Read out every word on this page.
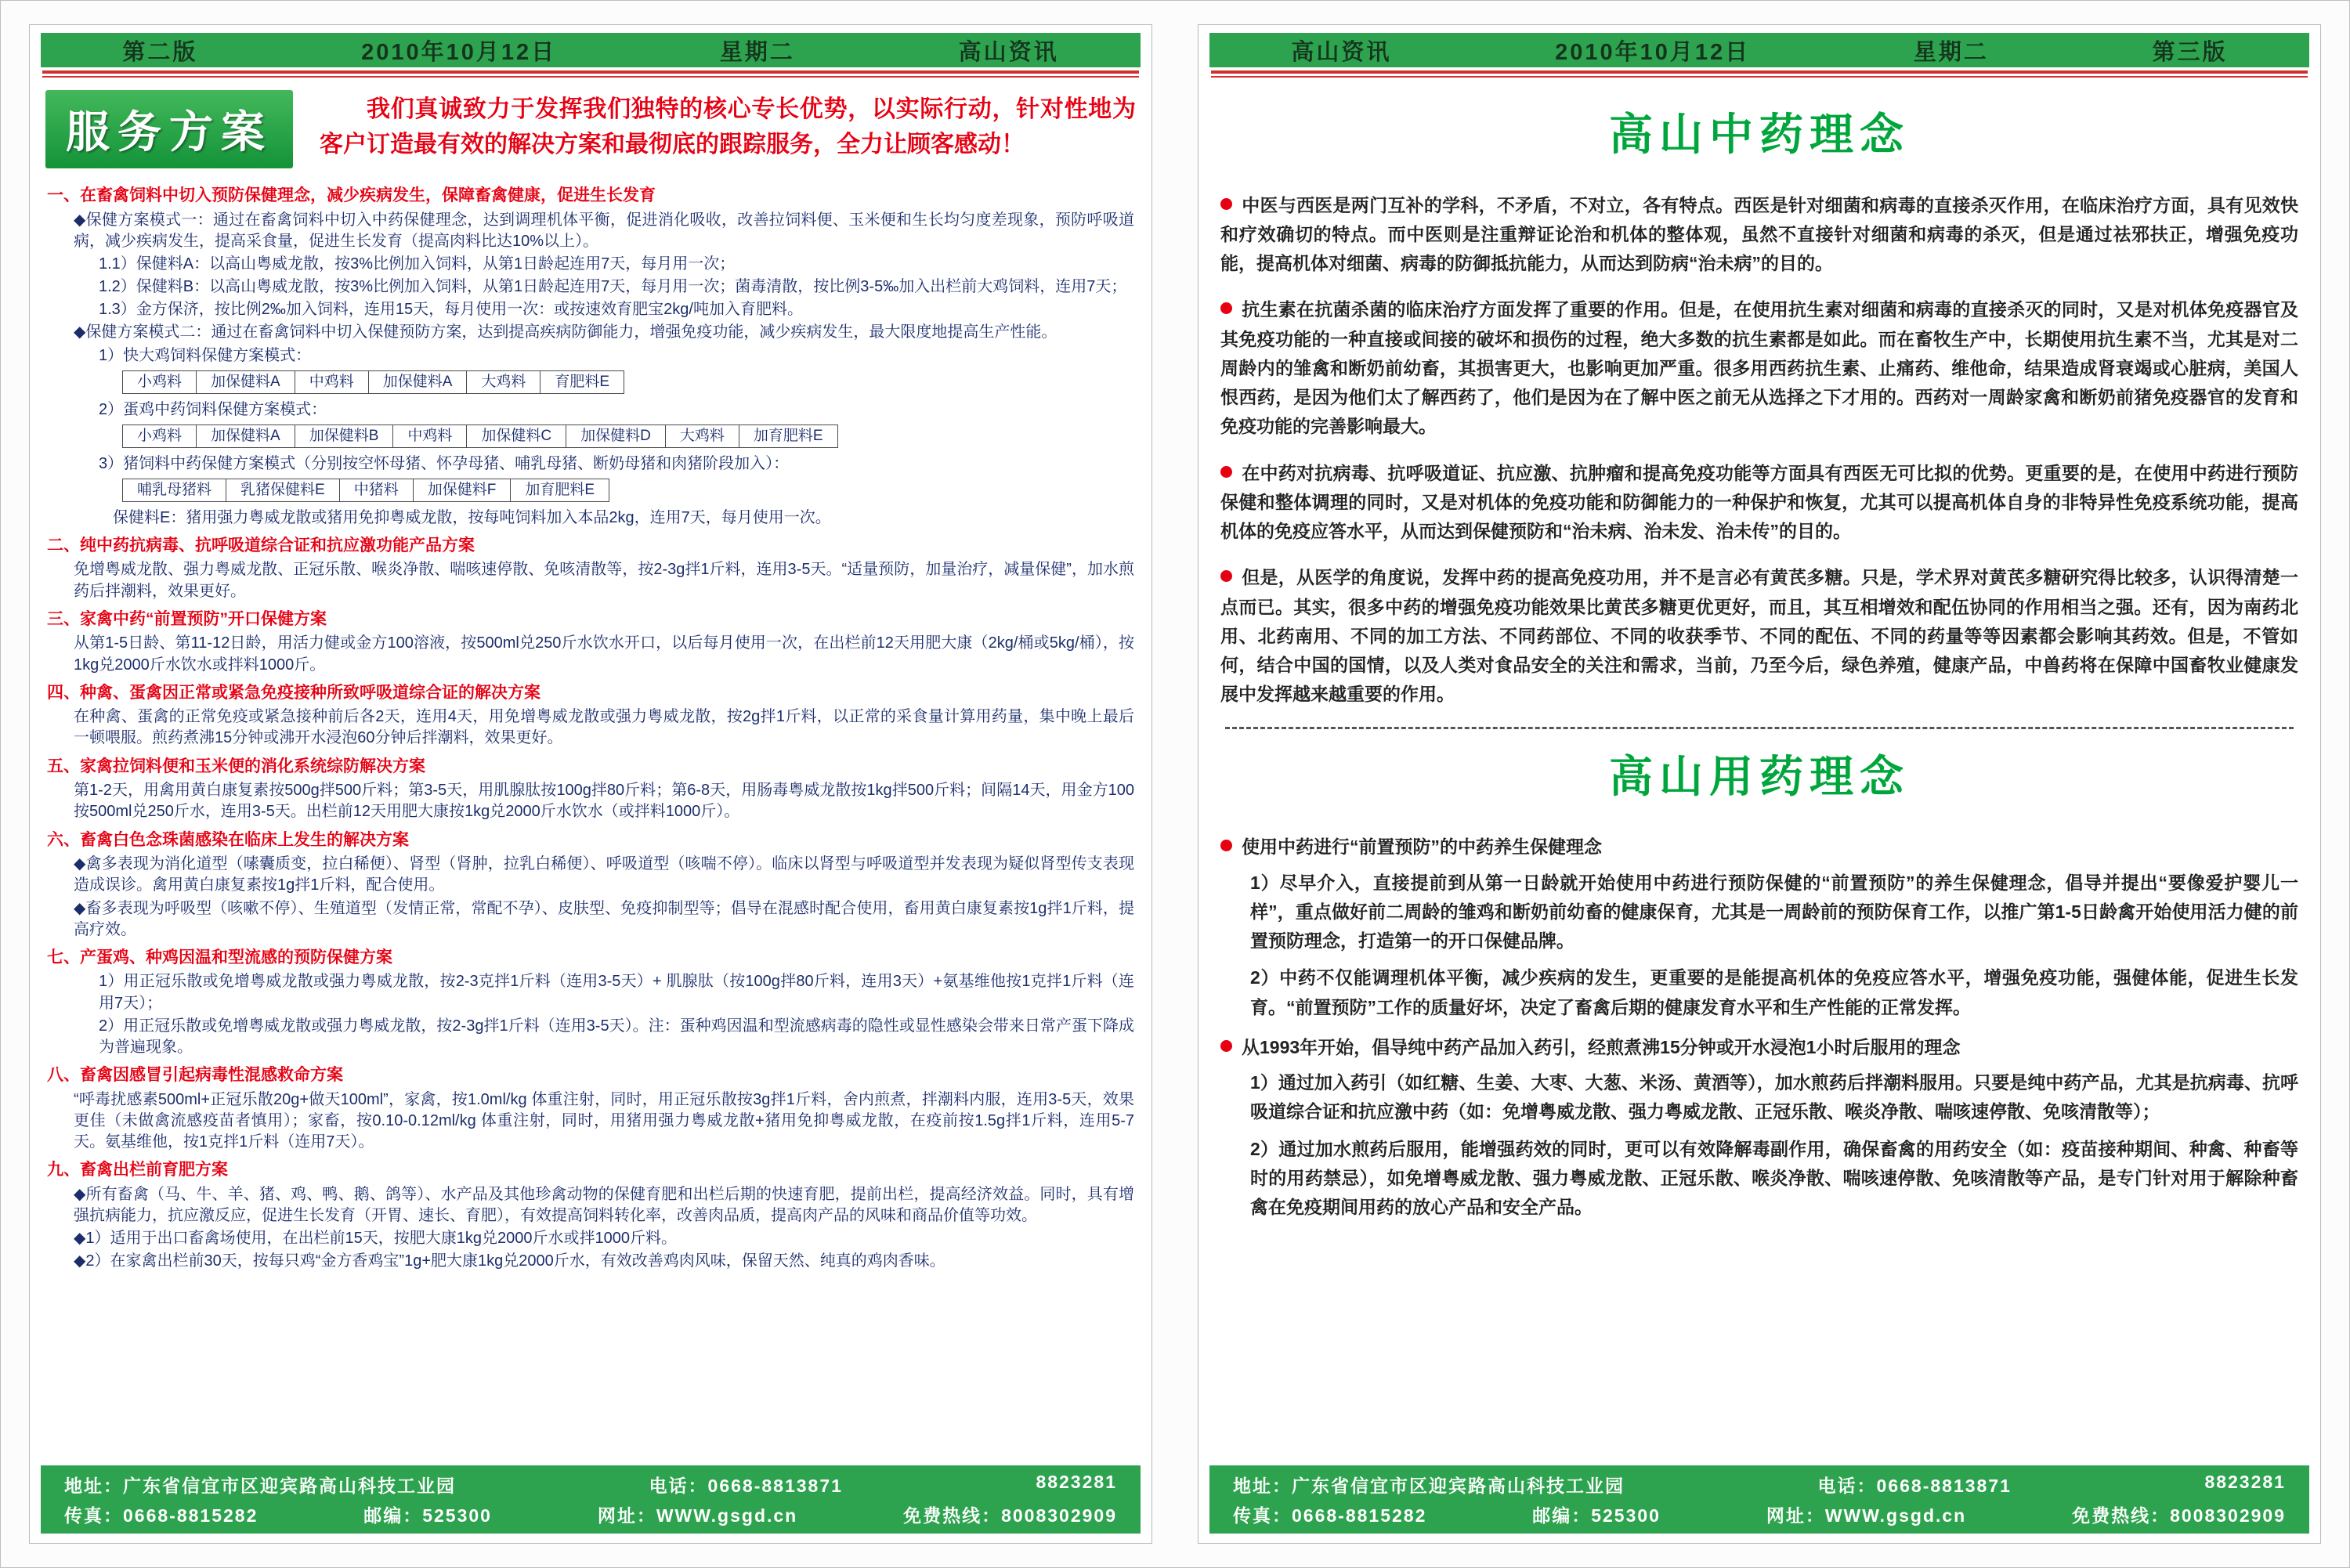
第二版	2010年10月12日	星期二	高山资讯
服务方案	我们真诚致力于发挥我们独特的核心专长优势，以实际行动，针对性地为客户订造最有效的解决方案和最彻底的跟踪服务，全力让顾客感动！

一、在畜禽饲料中切入预防保健理念，减少疾病发生，保障畜禽健康，促进生长发育

◆保健方案模式一：通过在畜禽饲料中切入中药保健理念，达到调理机体平衡，促进消化吸收，改善拉饲料便、玉米便和生长均匀度差现象，预防呼吸道病，减少疾病发生，提高采食量，促进生长发育（提高肉料比达10%以上）。

1.1）保健料A：以高山粤威龙散，按3%比例加入饲料，从第1日龄起连用7天，每月用一次；

1.2）保健料B：以高山粤威龙散，按3%比例加入饲料，从第1日龄起连用7天，每月用一次；菌毒清散，按比例3-5‰加入出栏前大鸡饲料，连用7天；

1.3）金方保济，按比例2‰加入饲料，连用15天，每月使用一次：或按速效育肥宝2kg/吨加入育肥料。

◆保健方案模式二：通过在畜禽饲料中切入保健预防方案，达到提高疾病防御能力，增强免疫功能，减少疾病发生，最大限度地提高生产性能。

1）快大鸡饲料保健方案模式：

小鸡料	加保健料A	中鸡料	加保健料A	大鸡料	育肥料E

2）蛋鸡中药饲料保健方案模式：

小鸡料	加保健料A	加保健料B	中鸡料	加保健料C	加保健料D	大鸡料	加育肥料E

3）猪饲料中药保健方案模式（分别按空怀母猪、怀孕母猪、哺乳母猪、断奶母猪和肉猪阶段加入）：

哺乳母猪料	乳猪保健料E	中猪料	加保健料F	加育肥料E

保健料E：猪用强力粤威龙散或猪用免抑粤威龙散，按每吨饲料加入本品2kg，连用7天，每月使用一次。

二、纯中药抗病毒、抗呼吸道综合证和抗应激功能产品方案

免增粤威龙散、强力粤威龙散、正冠乐散、喉炎净散、喘咳速停散、免咳清散等，按2-3g拌1斤料，连用3-5天。“适量预防，加量治疗，减量保健”，加水煎药后拌潮料，效果更好。

三、家禽中药“前置预防”开口保健方案

从第1-5日龄、第11-12日龄，用活力健或金方100溶液，按500ml兑250斤水饮水开口，以后每月使用一次，在出栏前12天用肥大康（2kg/桶或5kg/桶），按1kg兑2000斤水饮水或拌料1000斤。

四、种禽、蛋禽因正常或紧急免疫接种所致呼吸道综合证的解决方案

在种禽、蛋禽的正常免疫或紧急接种前后各2天，连用4天，用免增粤威龙散或强力粤威龙散，按2g拌1斤料，以正常的采食量计算用药量，集中晚上最后一顿喂服。煎药煮沸15分钟或沸开水浸泡60分钟后拌潮料，效果更好。

五、家禽拉饲料便和玉米便的消化系统综防解决方案

第1-2天，用禽用黄白康复素按500g拌500斤料；第3-5天，用肌腺肽按100g拌80斤料；第6-8天，用肠毒粤威龙散按1kg拌500斤料；间隔14天，用金方100按500ml兑250斤水，连用3-5天。出栏前12天用肥大康按1kg兑2000斤水饮水（或拌料1000斤）。

六、畜禽白色念珠菌感染在临床上发生的解决方案

◆禽多表现为消化道型（嗉囊质变，拉白稀便）、肾型（肾肿，拉乳白稀便）、呼吸道型（咳喘不停）。临床以肾型与呼吸道型并发表现为疑似肾型传支表现造成误诊。禽用黄白康复素按1g拌1斤料，配合使用。

◆畜多表现为呼吸型（咳嗽不停）、生殖道型（发情正常，常配不孕）、皮肤型、免疫抑制型等；倡导在混感时配合使用，畜用黄白康复素按1g拌1斤料，提高疗效。

七、产蛋鸡、种鸡因温和型流感的预防保健方案

1）用正冠乐散或免增粤威龙散或强力粤威龙散，按2-3克拌1斤料（连用3-5天）+ 肌腺肽（按100g拌80斤料，连用3天）+氨基维他按1克拌1斤料（连用7天）；

2）用正冠乐散或免增粤威龙散或强力粤威龙散，按2-3g拌1斤料（连用3-5天）。注：蛋种鸡因温和型流感病毒的隐性或显性感染会带来日常产蛋下降成为普遍现象。

八、畜禽因感冒引起病毒性混感救命方案

“呼毒扰感素500ml+正冠乐散20g+做天100ml”，家禽，按1.0ml/kg 体重注射，同时，用正冠乐散按3g拌1斤料，舍内煎煮，拌潮料内服，连用3-5天，效果更佳（未做禽流感疫苗者慎用）；家畜，按0.10-0.12ml/kg 体重注射，同时，用猪用强力粤威龙散+猪用免抑粤威龙散，在疫前按1.5g拌1斤料，连用5-7天。氨基维他，按1克拌1斤料（连用7天）。

九、畜禽出栏前育肥方案

◆所有畜禽（马、牛、羊、猪、鸡、鸭、鹅、鸽等）、水产品及其他珍禽动物的保健育肥和出栏后期的快速育肥，提前出栏，提高经济效益。同时，具有增强抗病能力，抗应激反应，促进生长发育（开胃、速长、育肥），有效提高饲料转化率，改善肉品质，提高肉产品的风味和商品价值等功效。

◆1）适用于出口畜禽场使用，在出栏前15天，按肥大康1kg兑2000斤水或拌1000斤料。

◆2）在家禽出栏前30天，按每只鸡“金方香鸡宝”1g+肥大康1kg兑2000斤水，有效改善鸡肉风味，保留天然、纯真的鸡肉香味。

地址：广东省信宜市区迎宾路高山科技工业园	电话：0668-8813871	8823281
传真：0668-8815282	邮编：525300	网址：WWW.gsgd.cn	免费热线：8008302909
高山资讯	2010年10月12日	星期二	第三版
高山中药理念

中医与西医是两门互补的学科，不矛盾，不对立，各有特点。西医是针对细菌和病毒的直接杀灭作用，在临床治疗方面，具有见效快和疗效确切的特点。而中医则是注重辩证论治和机体的整体观，虽然不直接针对细菌和病毒的杀灭，但是通过祛邪扶正，增强免疫功能，提高机体对细菌、病毒的防御抵抗能力，从而达到防病“治未病”的目的。

抗生素在抗菌杀菌的临床治疗方面发挥了重要的作用。但是，在使用抗生素对细菌和病毒的直接杀灭的同时，又是对机体免疫器官及其免疫功能的一种直接或间接的破坏和损伤的过程，绝大多数的抗生素都是如此。而在畜牧生产中，长期使用抗生素不当，尤其是对二周龄内的雏禽和断奶前幼畜，其损害更大，也影响更加严重。很多用西药抗生素、止痛药、维他命，结果造成肾衰竭或心脏病，美国人恨西药，是因为他们太了解西药了，他们是因为在了解中医之前无从选择之下才用的。西药对一周龄家禽和断奶前猪免疫器官的发育和免疫功能的完善影响最大。

在中药对抗病毒、抗呼吸道证、抗应激、抗肿瘤和提高免疫功能等方面具有西医无可比拟的优势。更重要的是，在使用中药进行预防保健和整体调理的同时，又是对机体的免疫功能和防御能力的一种保护和恢复，尤其可以提高机体自身的非特异性免疫系统功能，提高机体的免疫应答水平，从而达到保健预防和“治未病、治未发、治未传”的目的。

但是，从医学的角度说，发挥中药的提高免疫功用，并不是言必有黄芪多糖。只是，学术界对黄芪多糖研究得比较多，认识得清楚一点而已。其实，很多中药的增强免疫功能效果比黄芪多糖更优更好，而且，其互相增效和配伍协同的作用相当之强。还有，因为南药北用、北药南用、不同的加工方法、不同药部位、不同的收获季节、不同的配伍、不同的药量等等因素都会影响其药效。但是，不管如何，结合中国的国情，以及人类对食品安全的关注和需求，当前，乃至今后，绿色养殖，健康产品，中兽药将在保障中国畜牧业健康发展中发挥越来越重要的作用。

高山用药理念

使用中药进行“前置预防”的中药养生保健理念

1）尽早介入，直接提前到从第一日龄就开始使用中药进行预防保健的“前置预防”的养生保健理念，倡导并提出“要像爱护婴儿一样”，重点做好前二周龄的雏鸡和断奶前幼畜的健康保育，尤其是一周龄前的预防保育工作，以推广第1-5日龄禽开始使用活力健的前置预防理念，打造第一的开口保健品牌。

2）中药不仅能调理机体平衡，减少疾病的发生，更重要的是能提高机体的免疫应答水平，增强免疫功能，强健体能，促进生长发育。“前置预防”工作的质量好坏，决定了畜禽后期的健康发育水平和生产性能的正常发挥。

从1993年开始，倡导纯中药产品加入药引，经煎煮沸15分钟或开水浸泡1小时后服用的理念

1）通过加入药引（如红糖、生姜、大枣、大葱、米汤、黄酒等），加水煎药后拌潮料服用。只要是纯中药产品，尤其是抗病毒、抗呼吸道综合证和抗应激中药（如：免增粤威龙散、强力粤威龙散、正冠乐散、喉炎净散、喘咳速停散、免咳清散等）；

2）通过加水煎药后服用，能增强药效的同时，更可以有效降解毒副作用，确保畜禽的用药安全（如：疫苗接种期间、种禽、种畜等时的用药禁忌），如免增粤威龙散、强力粤威龙散、正冠乐散、喉炎净散、喘咳速停散、免咳清散等产品，是专门针对用于解除种畜禽在免疫期间用药的放心产品和安全产品。

地址：广东省信宜市区迎宾路高山科技工业园	电话：0668-8813871	8823281
传真：0668-8815282	邮编：525300	网址：WWW.gsgd.cn	免费热线：8008302909
